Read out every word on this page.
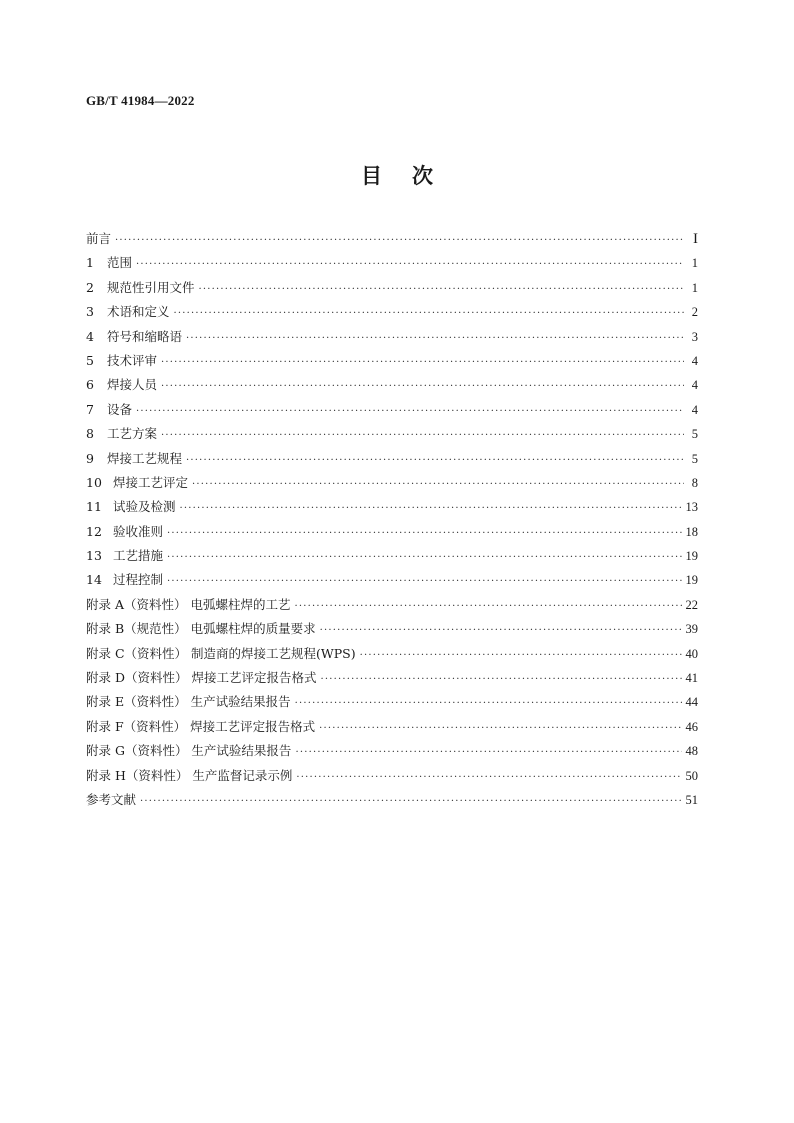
GB/T 41984—2022
目次
前言 ·····	I
1 范围 ·····	1
2 规范性引用文件 ·····	1
3 术语和定义 ·····	2
4 符号和缩略语 ·····	3
5 技术评审 ·····	4
6 焊接人员 ·····	4
7 设备 ·····	4
8 工艺方案 ·····	5
9 焊接工艺规程 ·····	5
10 焊接工艺评定 ·····	8
11 试验及检测 ·····	13
12 验收准则 ·····	18
13 工艺措施 ·····	19
14 过程控制 ·····	19
附录 A（资料性） 电弧螺柱焊的工艺 ·····	22
附录 B（规范性） 电弧螺柱焊的质量要求 ·····	39
附录 C（资料性） 制造商的焊接工艺规程(WPS) ·····	40
附录 D（资料性） 焊接工艺评定报告格式 ·····	41
附录 E（资料性） 生产试验结果报告 ·····	44
附录 F（资料性） 焊接工艺评定报告格式 ·····	46
附录 G（资料性） 生产试验结果报告 ·····	48
附录 H（资料性） 生产监督记录示例 ·····	50
参考文献 ·····	51
